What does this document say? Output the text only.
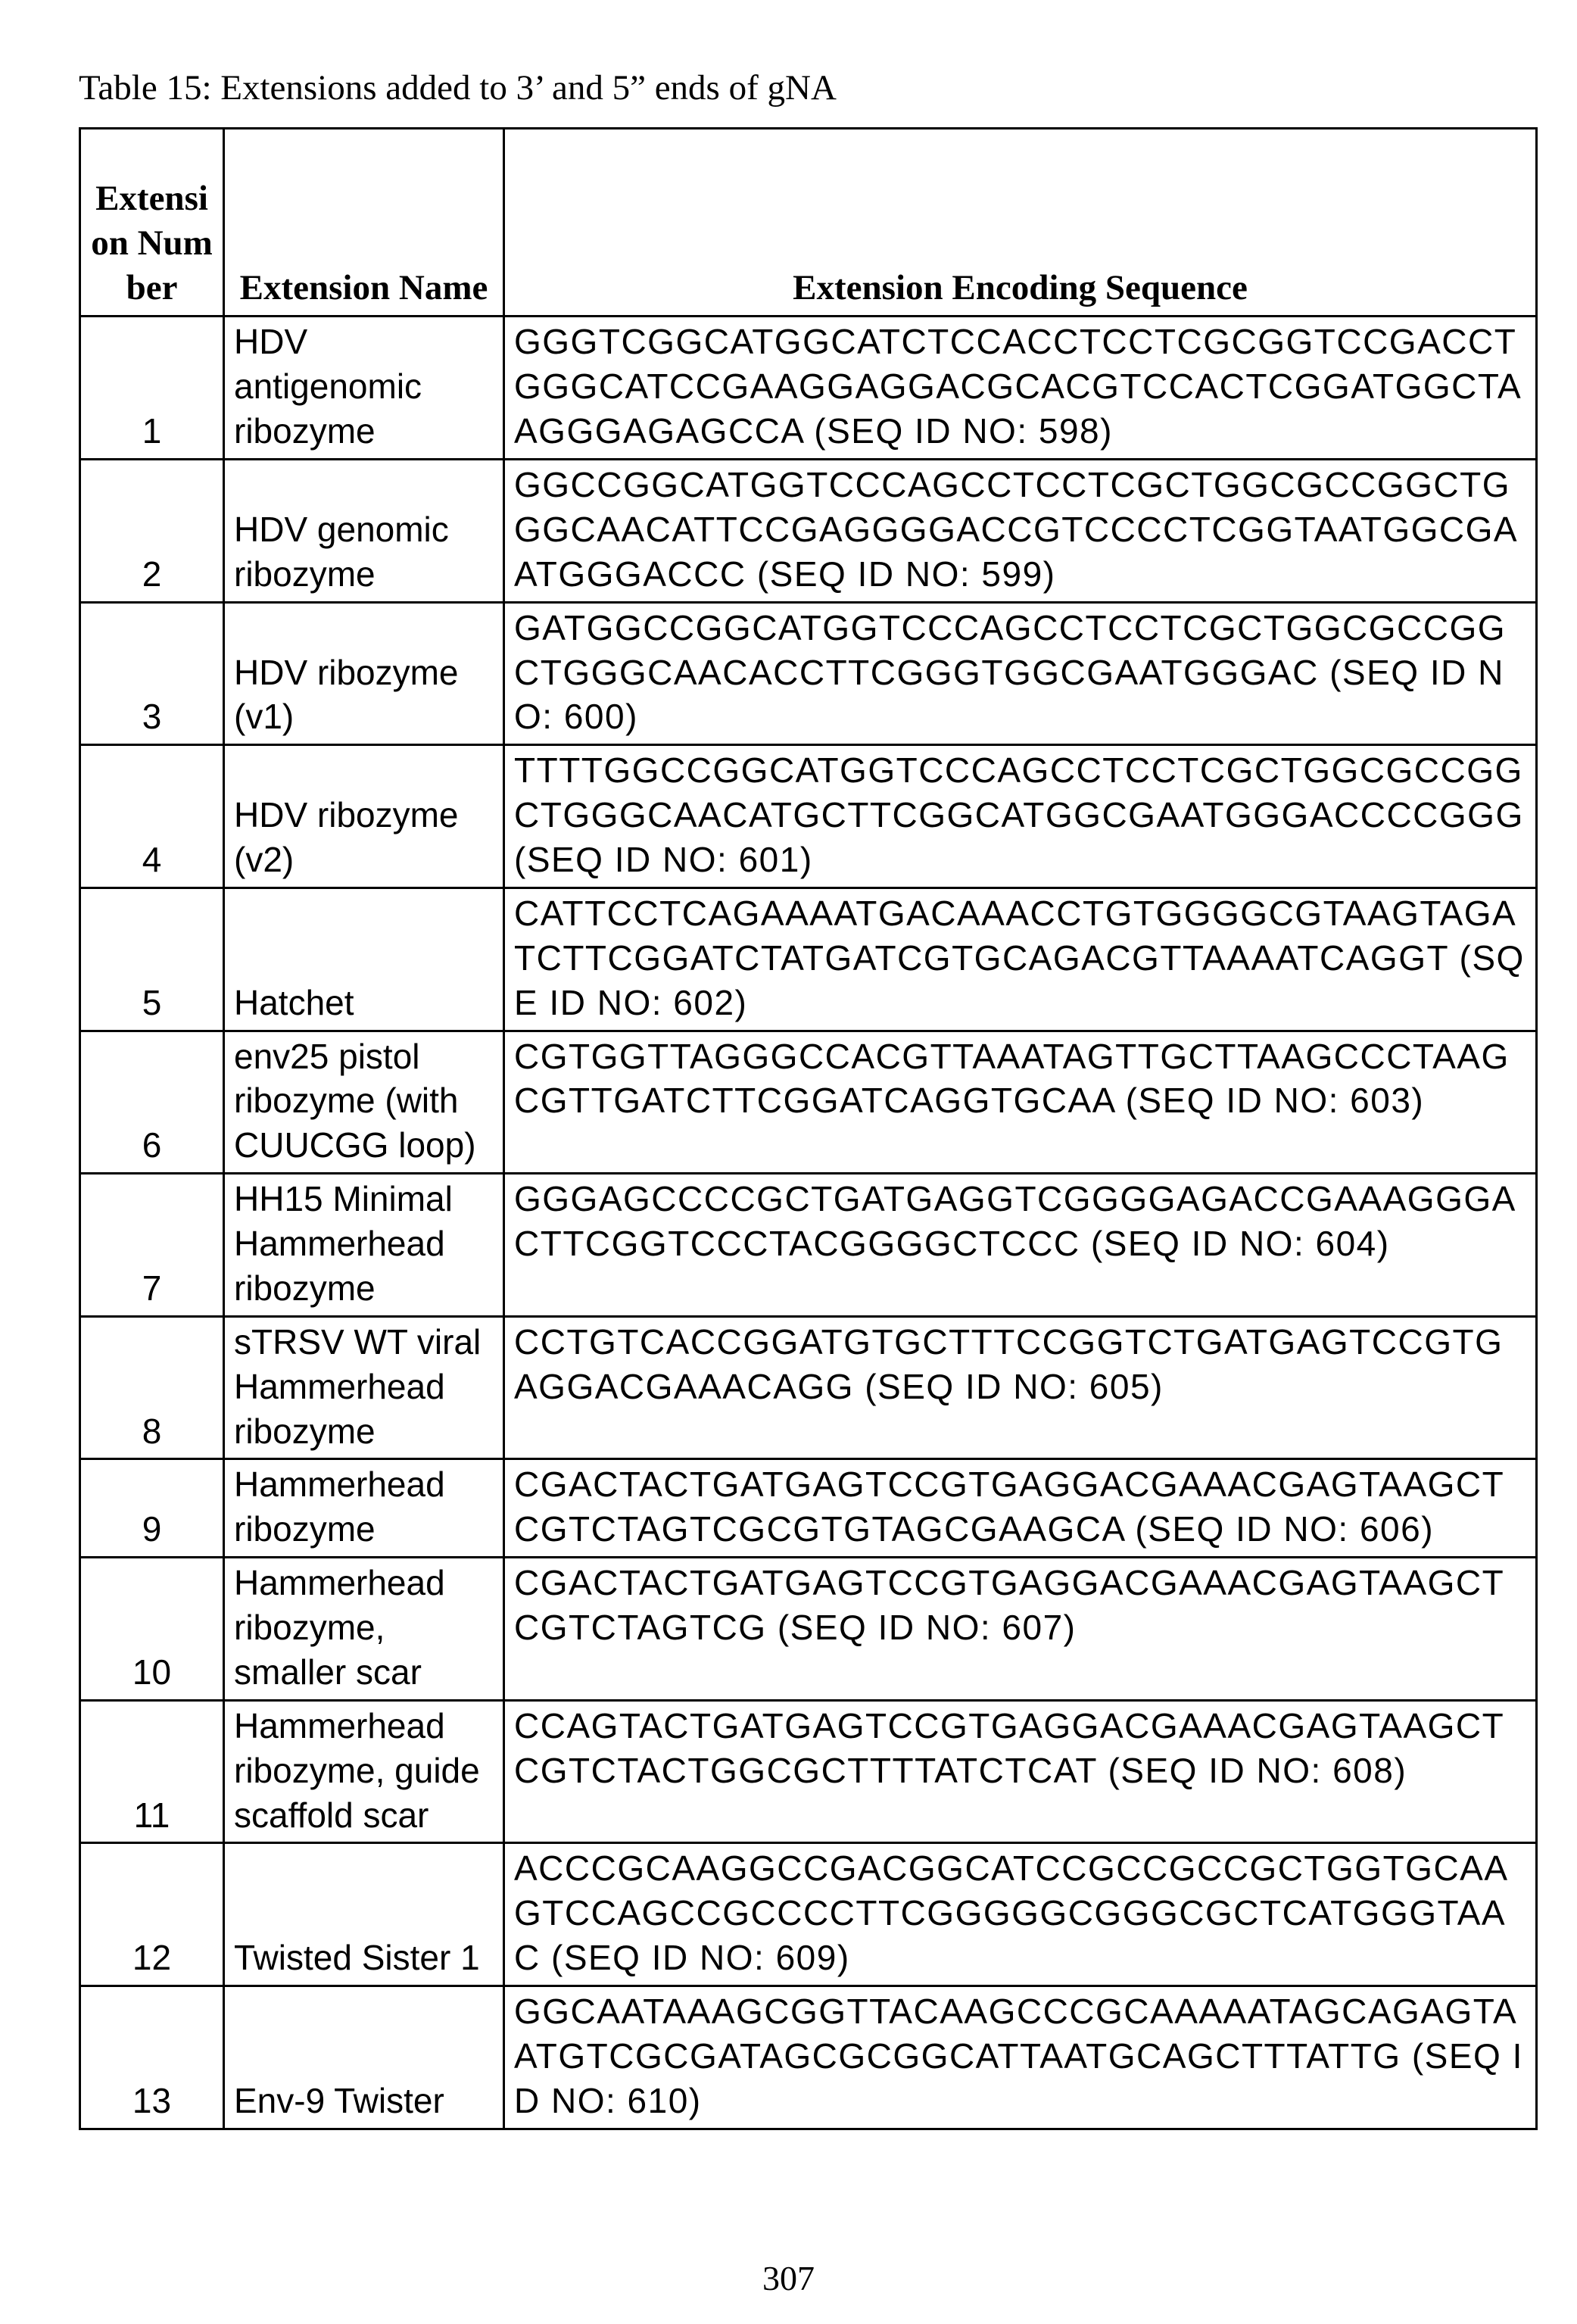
Table 15: Extensions added to 3’ and 5” ends of gNA
Extension Number	Extension Name	Extension Encoding Sequence
1	HDV antigenomic ribozyme	GGGTCGGCATGGCATCTCCACCTCCTCGCGGTCCGACCTGGGCATCCGAAGGAGGACGCACGTCCACTCGGATGGCTAAGGGAGAGCCA (SEQ ID NO: 598)
2	HDV genomic ribozyme	GGCCGGCATGGTCCCAGCCTCCTCGCTGGCGCCGGCTGGGCAACATTCCGAGGGGACCGTCCCCTCGGTAATGGCGAATGGGACCC (SEQ ID NO: 599)
3	HDV ribozyme (v1)	GATGGCCGGCATGGTCCCAGCCTCCTCGCTGGCGCCGGCTGGGCAACACCTTCGGGTGGCGAATGGGAC (SEQ ID NO: 600)
4	HDV ribozyme (v2)	TTTTGGCCGGCATGGTCCCAGCCTCCTCGCTGGCGCCGGCTGGGCAACATGCTTCGGCATGGCGAATGGGACCCCGGG (SEQ ID NO: 601)
5	Hatchet	CATTCCTCAGAAAATGACAAACCTGTGGGGCGTAAGTAGATCTTCGGATCTATGATCGTGCAGACGTTAAAATCAGGT (SQE ID NO: 602)
6	env25 pistol ribozyme (with CUUCGG loop)	CGTGGTTAGGGCCACGTTAAATAGTTGCTTAAGCCCTAAGCGTTGATCTTCGGATCAGGTGCAA (SEQ ID NO: 603)
7	HH15 Minimal Hammerhead ribozyme	GGGAGCCCCGCTGATGAGGTCGGGGAGACCGAAAGGGACTTCGGTCCCTACGGGGCTCCC (SEQ ID NO: 604)
8	sTRSV WT viral Hammerhead ribozyme	CCTGTCACCGGATGTGCTTTCCGGTCTGATGAGTCCGTGAGGACGAAACAGG (SEQ ID NO: 605)
9	Hammerhead ribozyme	CGACTACTGATGAGTCCGTGAGGACGAAACGAGTAAGCTCGTCTAGTCGCGTGTAGCGAAGCA (SEQ ID NO: 606)
10	Hammerhead ribozyme, smaller scar	CGACTACTGATGAGTCCGTGAGGACGAAACGAGTAAGCTCGTCTAGTCG (SEQ ID NO: 607)
11	Hammerhead ribozyme, guide scaffold scar	CCAGTACTGATGAGTCCGTGAGGACGAAACGAGTAAGCTCGTCTACTGGCGCTTTTATCTCAT (SEQ ID NO: 608)
12	Twisted Sister 1	ACCCGCAAGGCCGACGGCATCCGCCGCCGCTGGTGCAAGTCCAGCCGCCCCTTCGGGGGCGGGCGCTCATGGGTAAC (SEQ ID NO: 609)
13	Env-9 Twister	GGCAATAAAGCGGTTACAAGCCCGCAAAAATAGCAGAGTAATGTCGCGATAGCGCGGCATTAATGCAGCTTTATTG (SEQ ID NO: 610)
307
